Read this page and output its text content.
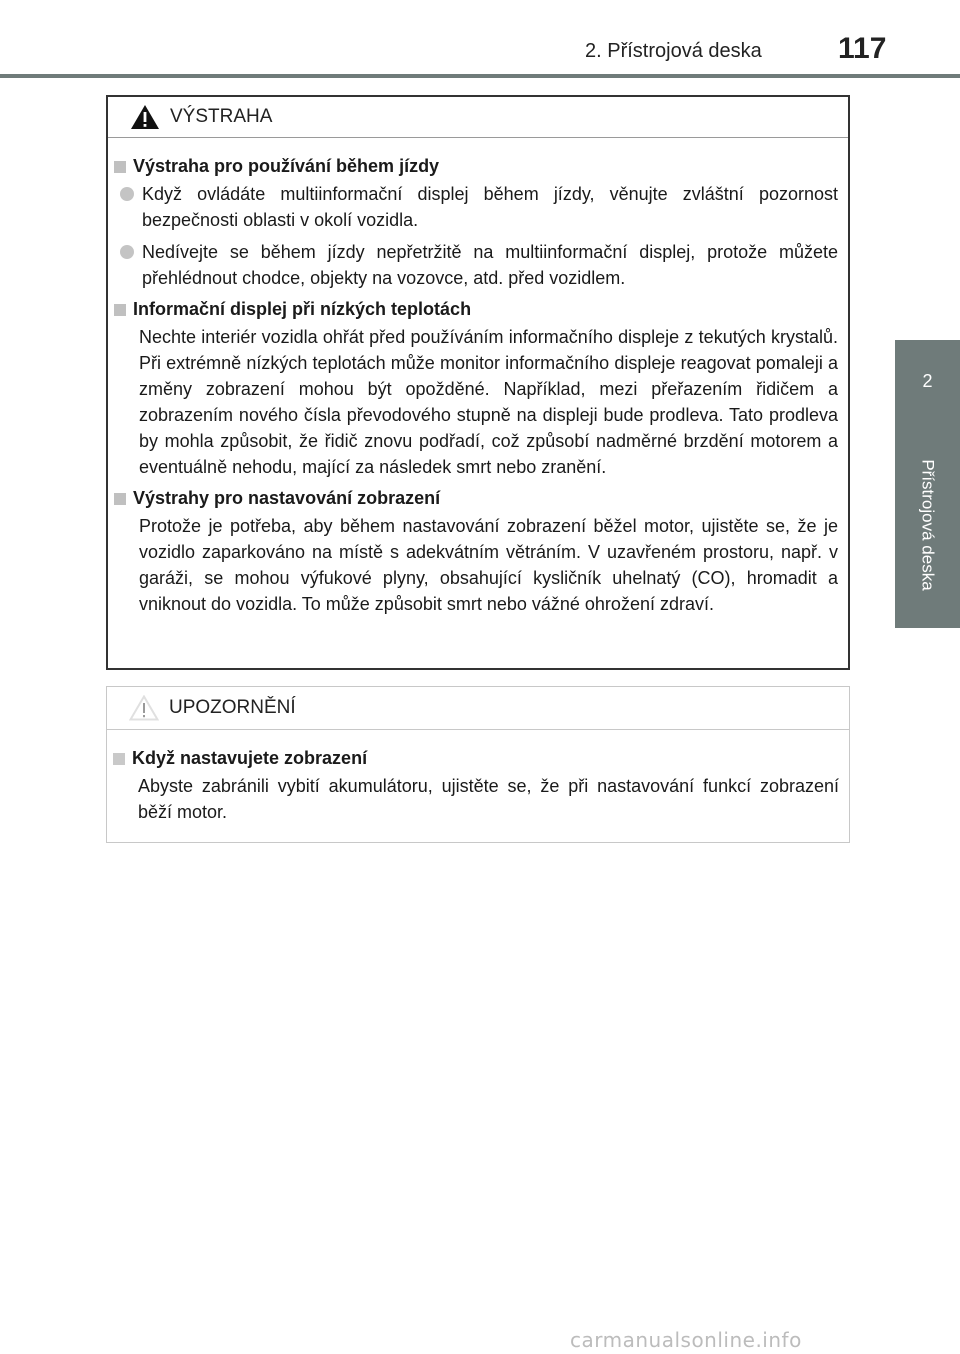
2. Přístrojová deska	117
2
Přístrojová deska
VÝSTRAHA
Výstraha pro používání během jízdy
Když ovládáte multiinformační displej během jízdy, věnujte zvláštní pozornost bezpečnosti oblasti v okolí vozidla.
Nedívejte se během jízdy nepřetržitě na multiinformační displej, protože můžete přehlédnout chodce, objekty na vozovce, atd. před vozidlem.
Informační displej při nízkých teplotách
Nechte interiér vozidla ohřát před používáním informačního displeje z tekutých krystalů. Při extrémně nízkých teplotách může monitor informačního displeje reagovat pomaleji a změny zobrazení mohou být opožděné. Například, mezi přeřazením řidičem a zobrazením nového čísla převodového stupně na displeji bude prodleva. Tato prodleva by mohla způsobit, že řidič znovu podřadí, což způsobí nadměrné brzdění motorem a eventuálně nehodu, mající za následek smrt nebo zranění.
Výstrahy pro nastavování zobrazení
Protože je potřeba, aby během nastavování zobrazení běžel motor, ujistěte se, že je vozidlo zaparkováno na místě s adekvátním větráním. V uzavřeném prostoru, např. v garáži, se mohou výfukové plyny, obsahující kysličník uhelnatý (CO), hromadit a vniknout do vozidla. To může způsobit smrt nebo vážné ohrožení zdraví.
UPOZORNĚNÍ
Když nastavujete zobrazení
Abyste zabránili vybití akumulátoru, ujistěte se, že při nastavování funkcí zobrazení běží motor.
carmanualsonline.info
